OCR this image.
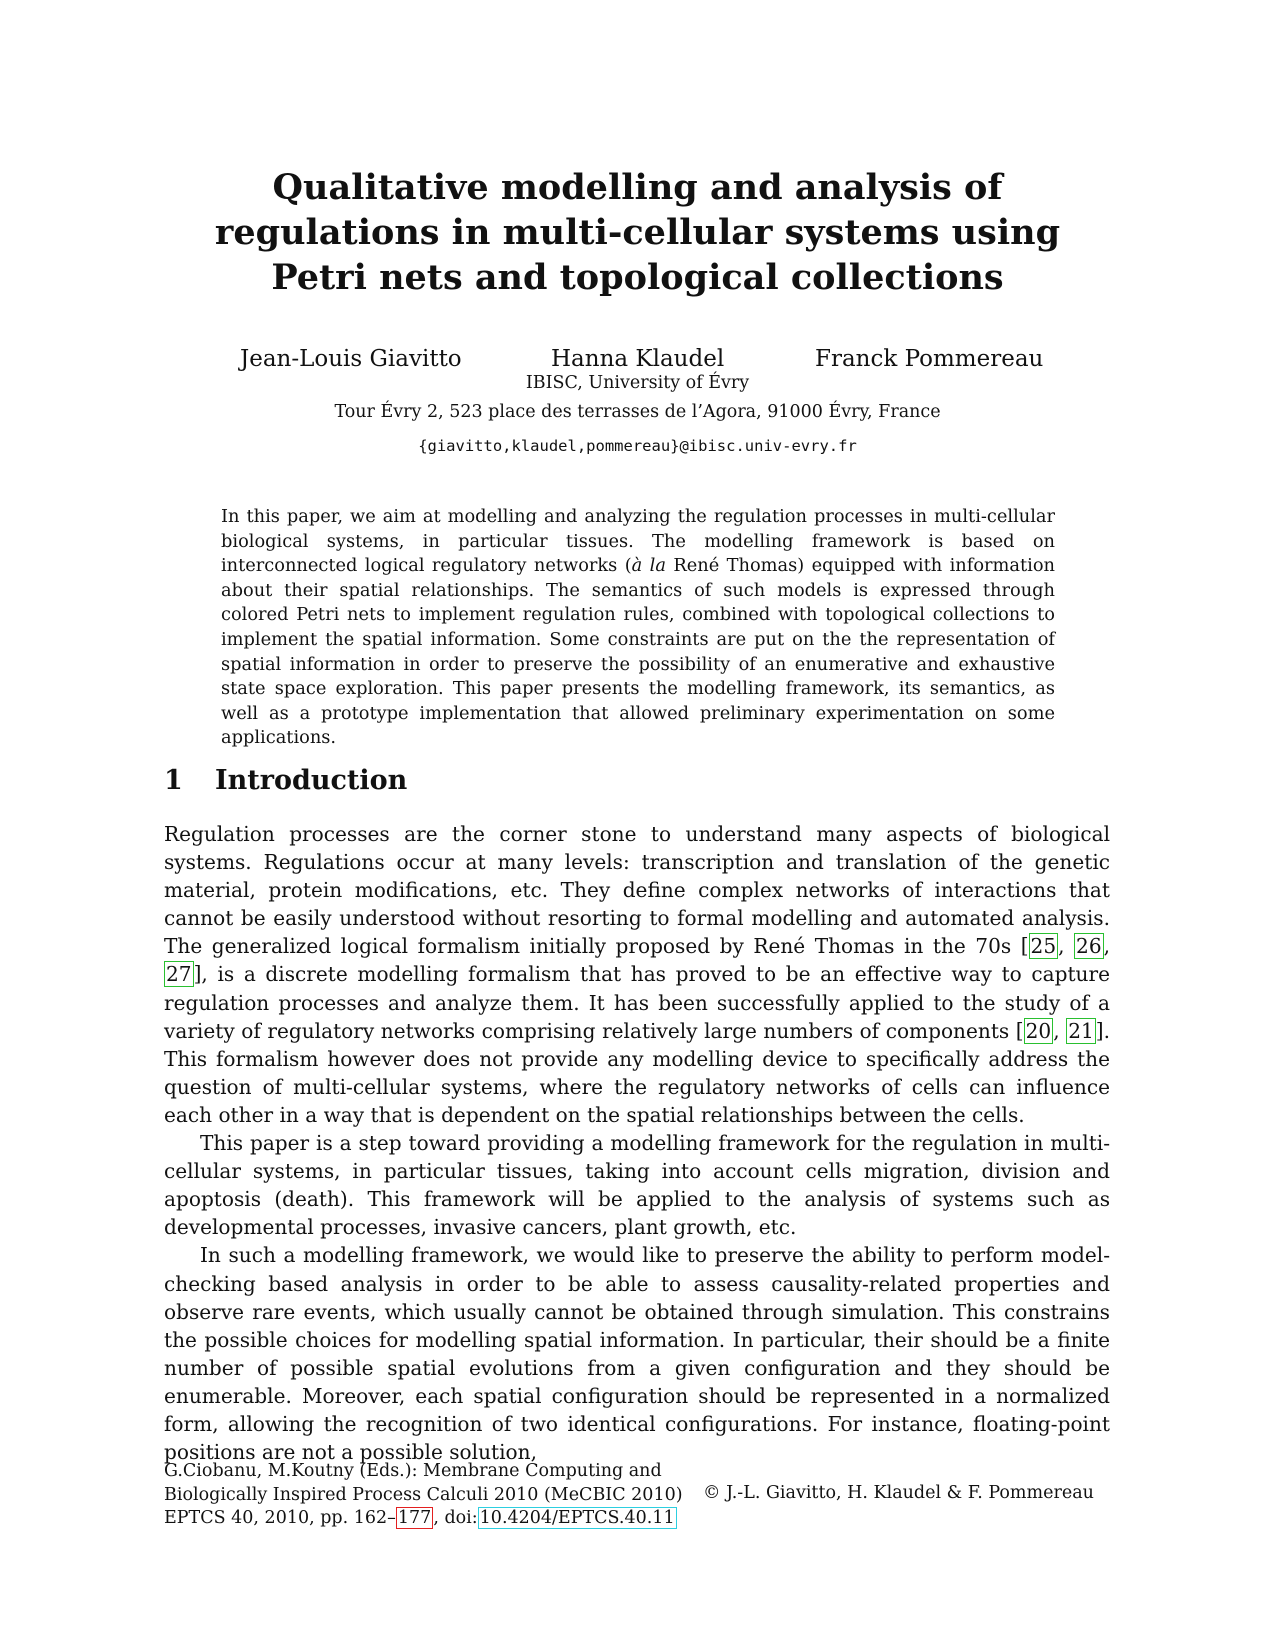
Qualitative modelling and analysis of
regulations in multi-cellular systems using
Petri nets and topological collections
Jean-Louis Giavitto	Hanna Klaudel	Franck Pommereau
IBISC, University of Évry
Tour Évry 2, 523 place des terrasses de l’Agora, 91000 Évry, France
{giavitto,klaudel,pommereau}@ibisc.univ-evry.fr

In this paper, we aim at modelling and analyzing the regulation processes in multi-cellular biological systems, in particular tissues. The modelling framework is based on interconnected logical regulatory networks (à la René Thomas) equipped with information about their spatial relationships. The semantics of such models is expressed through colored Petri nets to implement regulation rules, combined with topological collections to implement the spatial information. Some constraints are put on the the representation of spatial information in order to preserve the possibility of an enumerative and exhaustive state space exploration. This paper presents the modelling framework, its semantics, as well as a prototype implementation that allowed preliminary experimentation on some applications.

1 Introduction

Regulation processes are the corner stone to understand many aspects of biological systems. Regulations occur at many levels: transcription and translation of the genetic material, protein modifications, etc. They define complex networks of interactions that cannot be easily understood without resorting to formal modelling and automated analysis. The generalized logical formalism initially proposed by René Thomas in the 70s [25, 26, 27], is a discrete modelling formalism that has proved to be an effective way to capture regulation processes and analyze them. It has been successfully applied to the study of a variety of regulatory networks comprising relatively large numbers of components [20, 21]. This formalism however does not provide any modelling device to specifically address the question of multi-cellular systems, where the regulatory networks of cells can influence each other in a way that is dependent on the spatial relationships between the cells.

This paper is a step toward providing a modelling framework for the regulation in multi-cellular systems, in particular tissues, taking into account cells migration, division and apoptosis (death). This framework will be applied to the analysis of systems such as developmental processes, invasive cancers, plant growth, etc.

In such a modelling framework, we would like to preserve the ability to perform model-checking based analysis in order to be able to assess causality-related properties and observe rare events, which usually cannot be obtained through simulation. This constrains the possible choices for modelling spatial information. In particular, their should be a finite number of possible spatial evolutions from a given configuration and they should be enumerable. Moreover, each spatial configuration should be represented in a normalized form, allowing the recognition of two identical configurations. For instance, floating-point positions are not a possible solution,

G.Ciobanu, M.Koutny (Eds.): Membrane Computing and
Biologically Inspired Process Calculi 2010 (MeCBIC 2010)
EPTCS 40, 2010, pp. 162– 177 , doi: 10.4204/EPTCS.40.11
© J.-L. Giavitto, H. Klaudel & F. Pommereau
